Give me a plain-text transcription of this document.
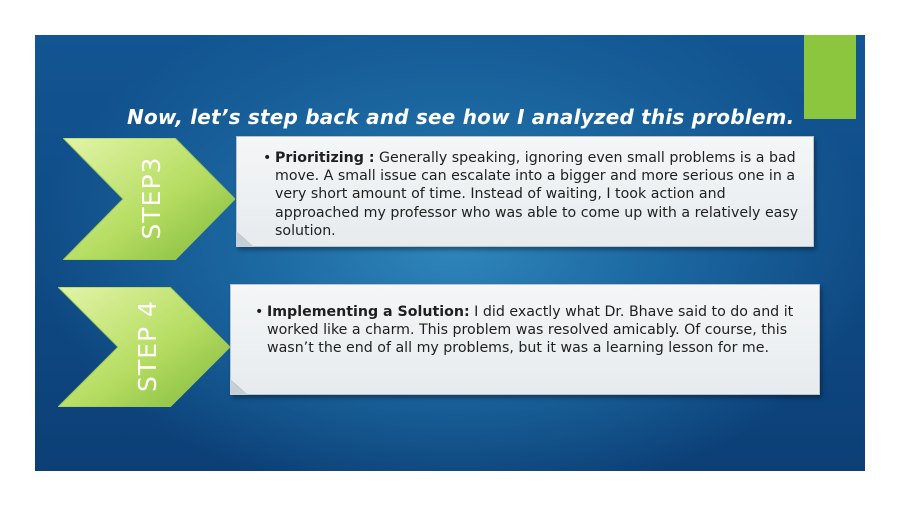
Now, let’s step back and see how I analyzed this problem.
STEP3	• Prioritizing : Generally speaking, ignoring even small problems is a bad move. A small issue can escalate into a bigger and more serious one in a very short amount of time. Instead of waiting, I took action and approached my professor who was able to come up with a relatively easy solution.
STEP 4	• Implementing a Solution: I did exactly what Dr. Bhave said to do and it worked like a charm. This problem was resolved amicably. Of course, this wasn’t the end of all my problems, but it was a learning lesson for me.
